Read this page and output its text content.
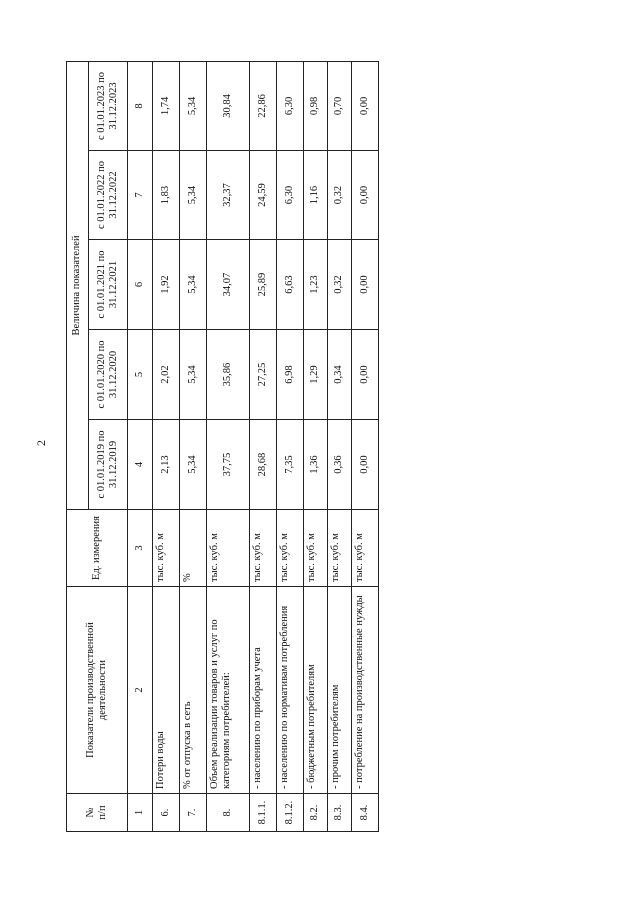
2
№
п/п	Показатели производственной деятельности	Ед. измерения	Величина показателей				
			с 01.01.2019 по 31.12.2019	с 01.01.2020 по 31.12.2020	с 01.01.2021 по 31.12.2021	с 01.01.2022 по 31.12.2022	с 01.01.2023 по 31.12.2023
1	2	3	4	5	6	7	8
6.	Потери воды	тыс. куб. м	2,13	2,02	1,92	1,83	1,74
7.	% от отпуска в сеть	%	5,34	5,34	5,34	5,34	5,34
8.	Объем реализации товаров и услуг по категориям потребителей:	тыс. куб. м	37,75	35,86	34,07	32,37	30,84
8.1.1.	- населению по приборам учета	тыс. куб. м	28,68	27,25	25,89	24,59	22,86
8.1.2.	- населению по нормативам потребления	тыс. куб. м	7,35	6,98	6,63	6,30	6,30
8.2.	- бюджетным потребителям	тыс. куб. м	1,36	1,29	1,23	1,16	0,98
8.3.	- прочим потребителям	тыс. куб. м	0,36	0,34	0,32	0,32	0,70
8.4.	- потребление на производственные нужды	тыс. куб. м	0,00	0,00	0,00	0,00	0,00
